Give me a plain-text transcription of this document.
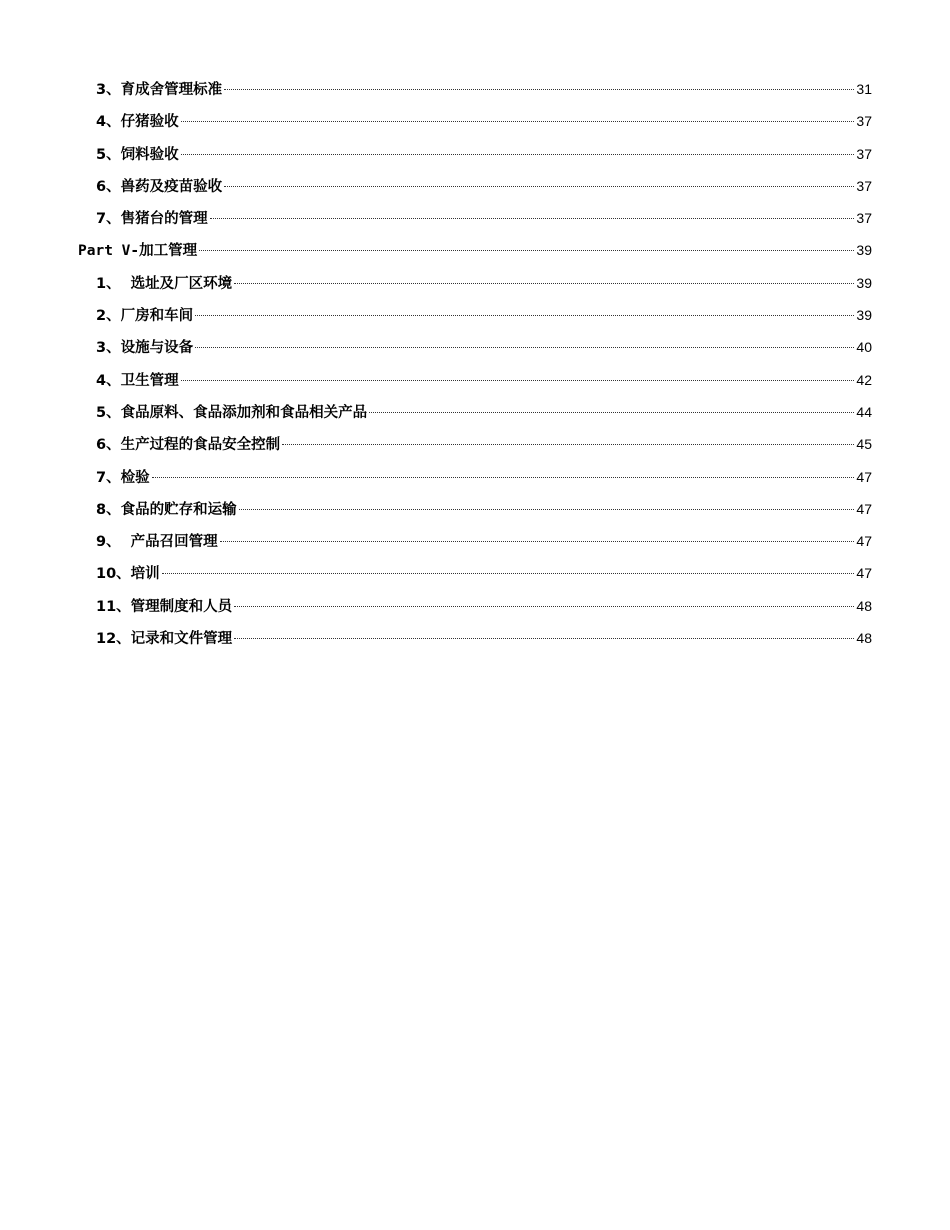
3、育成舍管理标准	31
4、仔猪验收	37
5、饲料验收	37
6、兽药及疫苗验收	37
7、售猪台的管理	37
Part V-加工管理	39
1、  选址及厂区环境	39
2、厂房和车间	39
3、设施与设备	40
4、卫生管理	42
5、食品原料、食品添加剂和食品相关产品	44
6、生产过程的食品安全控制	45
7、检验	47
8、食品的贮存和运输	47
9、  产品召回管理	47
10、培训	47
11、管理制度和人员	48
12、记录和文件管理	48
